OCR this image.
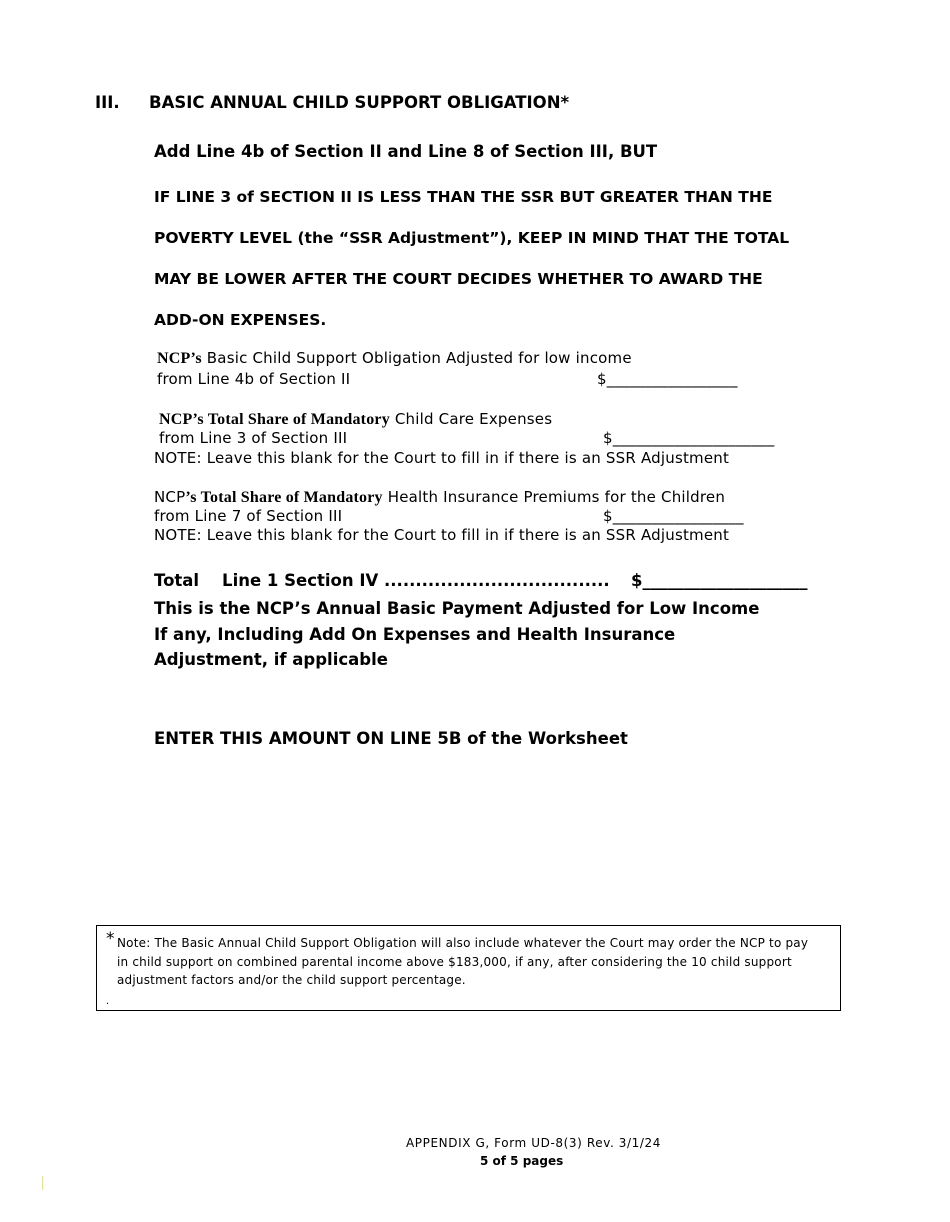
III. BASIC ANNUAL CHILD SUPPORT OBLIGATION*
Add Line 4b of Section II and Line 8 of Section III, BUT
IF LINE 3 of SECTION II IS LESS THAN THE SSR BUT GREATER THAN THE
POVERTY LEVEL (the “SSR Adjustment”), KEEP IN MIND THAT THE TOTAL
MAY BE LOWER AFTER THE COURT DECIDES WHETHER TO AWARD THE
ADD-ON EXPENSES.
NCP’s Basic Child Support Obligation Adjusted for low income
from Line 4b of Section II	$_________________
NCP’s Total Share of Mandatory Child Care Expenses
from Line 3 of Section III	$_____________________
NOTE: Leave this blank for the Court to fill in if there is an SSR Adjustment
NCP’s Total Share of Mandatory Health Insurance Premiums for the Children
from Line 7 of Section III	$_________________
NOTE: Leave this blank for the Court to fill in if there is an SSR Adjustment
Total    Line 1 Section IV .................................... $____________________
This is the NCP’s Annual Basic Payment Adjusted for Low Income
If any, Including Add On Expenses and Health Insurance
Adjustment, if applicable
ENTER THIS AMOUNT ON LINE 5B of the Worksheet
* Note: The Basic Annual Child Support Obligation will also include whatever the Court may order the NCP to pay
in child support on combined parental income above $183,000, if any, after considering the 10 child support
adjustment factors and/or the child support percentage.
.
APPENDIX G, Form UD-8(3) Rev. 3/1/24
5 of 5 pages
